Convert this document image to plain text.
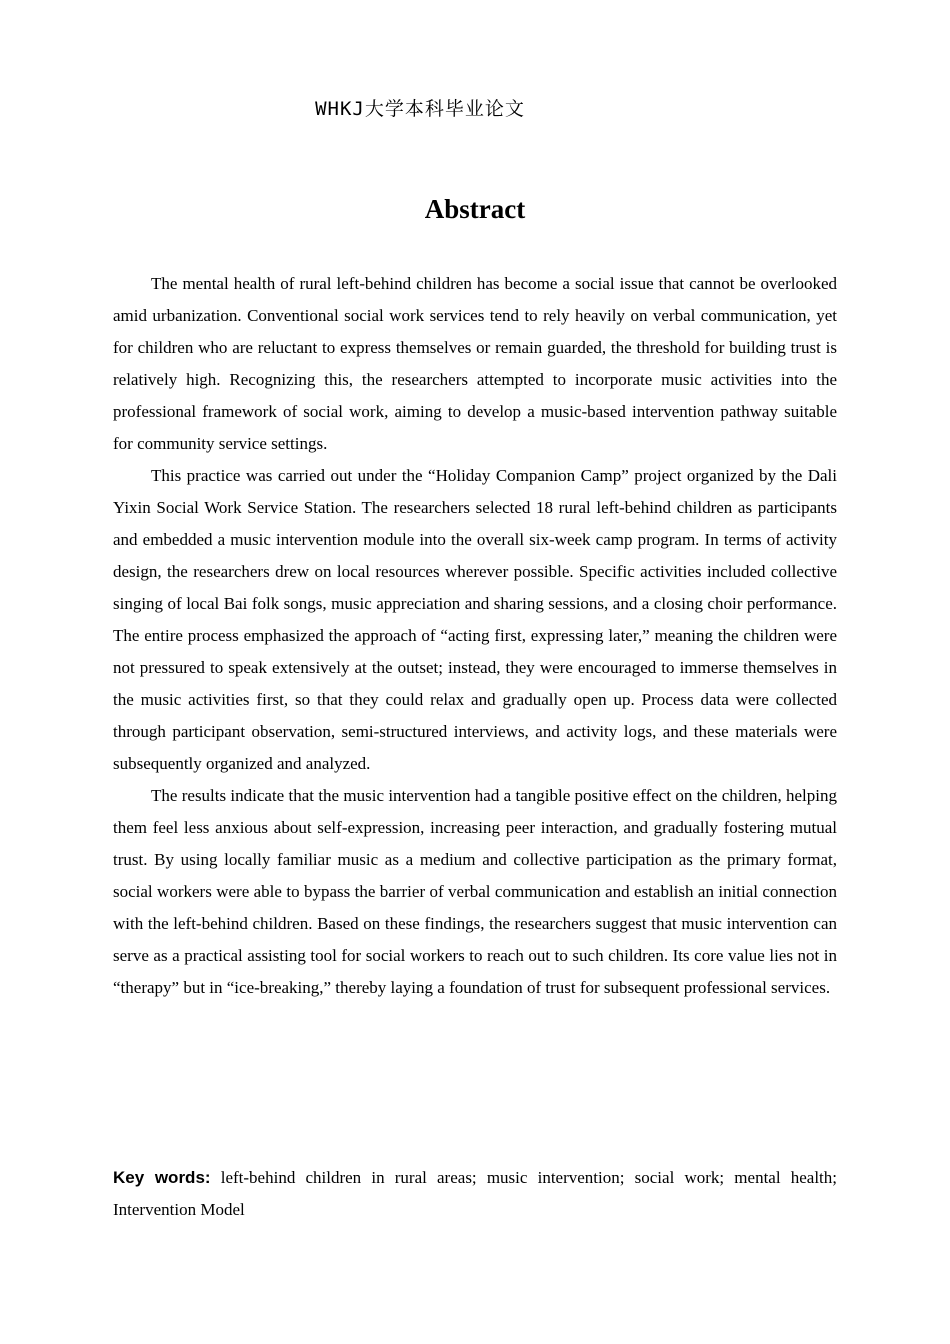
WHKJ大学本科毕业论文
Abstract

The mental health of rural left-behind children has become a social issue that cannot be overlooked amid urbanization. Conventional social work services tend to rely heavily on verbal communication, yet for children who are reluctant to express themselves or remain guarded, the threshold for building trust is relatively high. Recognizing this, the researchers attempted to incorporate music activities into the professional framework of social work, aiming to develop a music-based intervention pathway suitable for community service settings.

This practice was carried out under the “Holiday Companion Camp” project organized by the Dali Yixin Social Work Service Station. The researchers selected 18 rural left-behind children as participants and embedded a music intervention module into the overall six-week camp program. In terms of activity design, the researchers drew on local resources wherever possible. Specific activities included collective singing of local Bai folk songs, music appreciation and sharing sessions, and a closing choir performance. The entire process emphasized the approach of “acting first, expressing later,” meaning the children were not pressured to speak extensively at the outset; instead, they were encouraged to immerse themselves in the music activities first, so that they could relax and gradually open up. Process data were collected through participant observation, semi-structured interviews, and activity logs, and these materials were subsequently organized and analyzed.

The results indicate that the music intervention had a tangible positive effect on the children, helping them feel less anxious about self-expression, increasing peer interaction, and gradually fostering mutual trust. By using locally familiar music as a medium and collective participation as the primary format, social workers were able to bypass the barrier of verbal communication and establish an initial connection with the left-behind children. Based on these findings, the researchers suggest that music intervention can serve as a practical assisting tool for social workers to reach out to such children. Its core value lies not in “therapy” but in “ice-breaking,” thereby laying a foundation of trust for subsequent professional services.

Key words: left-behind children in rural areas; music intervention; social work; mental health; Intervention Model
